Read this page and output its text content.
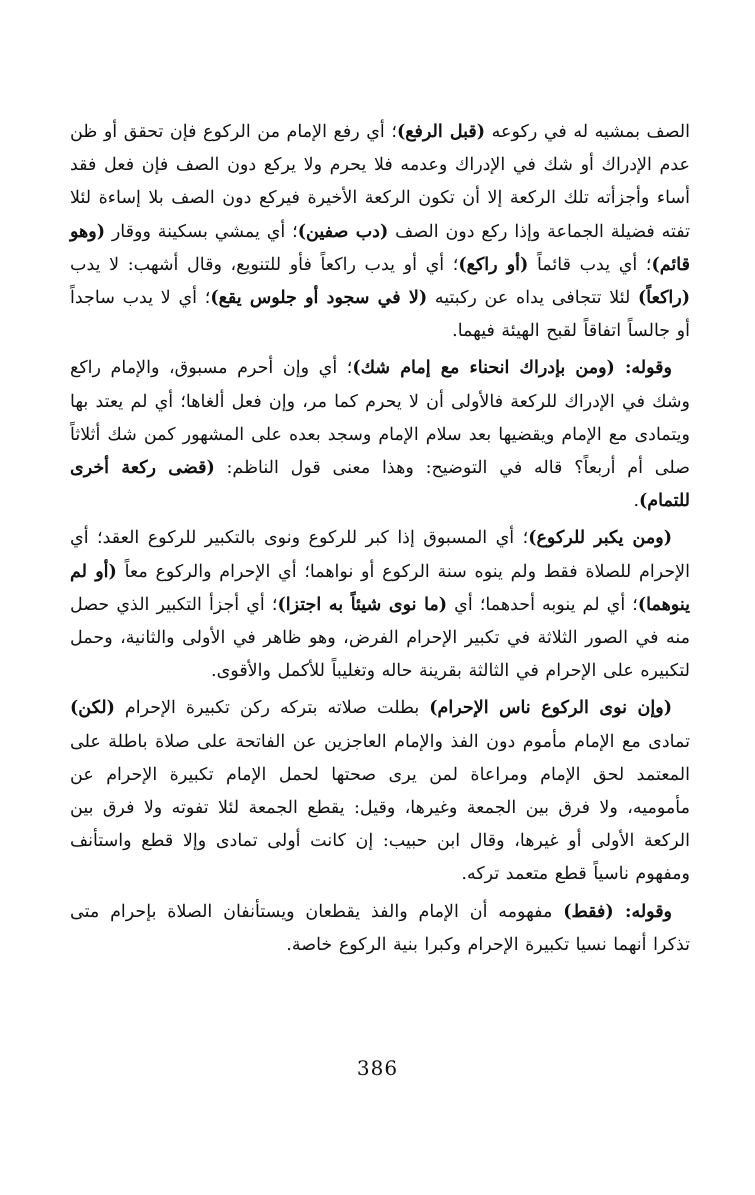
الصف بمشيه له في ركوعه (قبل الرفع)؛ أي رفع الإمام من الركوع فإن تحقق أو ظن عدم الإدراك أو شك في الإدراك وعدمه فلا يحرم ولا يركع دون الصف فإن فعل فقد أساء وأجزأته تلك الركعة إلا أن تكون الركعة الأخيرة فيركع دون الصف بلا إساءة لئلا تفته فضيلة الجماعة وإذا ركع دون الصف (دب صفين)؛ أي يمشي بسكينة ووقار (وهو قائم)؛ أي يدب قائماً (أو راكع)؛ أي أو يدب راكعاً فأو للتنويع، وقال أشهب: لا يدب (راكعاً) لئلا تتجافى يداه عن ركبتيه (لا في سجود أو جلوس يقع)؛ أي لا يدب ساجداً أو جالساً اتفاقاً لقبح الهيئة فيهما.

وقوله: (ومن بإدراك انحناء مع إمام شك)؛ أي وإن أحرم مسبوق، والإمام راكع وشك في الإدراك للركعة فالأولى أن لا يحرم كما مر، وإن فعل ألغاها؛ أي لم يعتد بها ويتمادى مع الإمام ويقضيها بعد سلام الإمام وسجد بعده على المشهور كمن شك أثلاثاً صلى أم أربعاً؟ قاله في التوضيح: وهذا معنى قول الناظم: (قضى ركعة أخرى للتمام).

(ومن يكبر للركوع)؛ أي المسبوق إذا كبر للركوع ونوى بالتكبير للركوع العقد؛ أي الإحرام للصلاة فقط ولم ينوه سنة الركوع أو نواهما؛ أي الإحرام والركوع معاً (أو لم ينوهما)؛ أي لم ينوبه أحدهما؛ أي (ما نوى شيئاً به اجتزا)؛ أي أجزأ التكبير الذي حصل منه في الصور الثلاثة في تكبير الإحرام الفرض، وهو ظاهر في الأولى والثانية، وحمل لتكبيره على الإحرام في الثالثة بقرينة حاله وتغليباً للأكمل والأقوى.

(وإن نوى الركوع ناس الإحرام) بطلت صلاته بتركه ركن تكبيرة الإحرام (لكن) تمادى مع الإمام مأموم دون الفذ والإمام العاجزين عن الفاتحة على صلاة باطلة على المعتمد لحق الإمام ومراعاة لمن يرى صحتها لحمل الإمام تكبيرة الإحرام عن مأموميه، ولا فرق بين الجمعة وغيرها، وقيل: يقطع الجمعة لئلا تفوته ولا فرق بين الركعة الأولى أو غيرها، وقال ابن حبيب: إن كانت أولى تمادى وإلا قطع واستأنف ومفهوم ناسياً قطع متعمد تركه.

وقوله: (فقط) مفهومه أن الإمام والفذ يقطعان ويستأنفان الصلاة بإحرام متى تذكرا أنهما نسيا تكبيرة الإحرام وكبرا بنية الركوع خاصة.

386
